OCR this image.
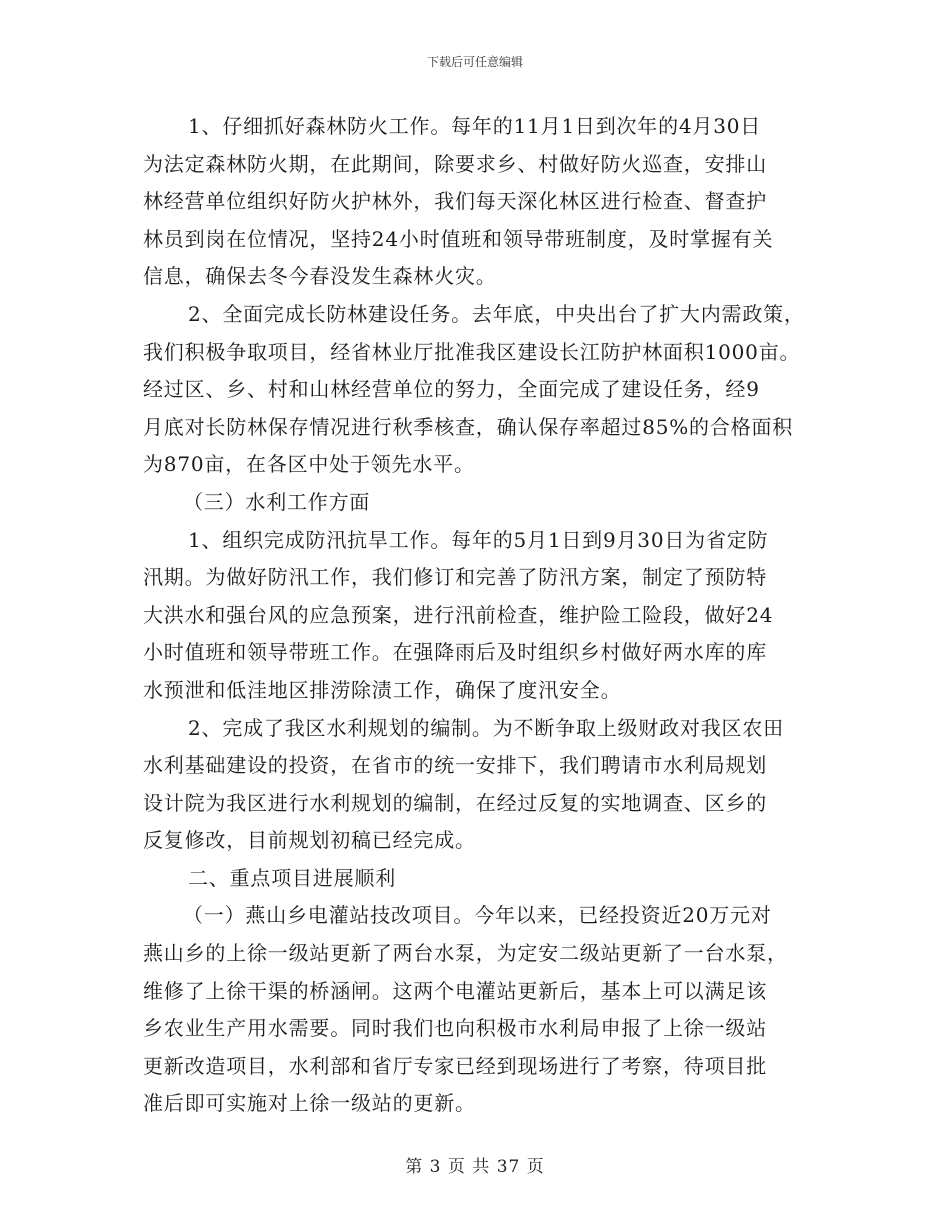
下载后可任意编辑
1、仔细抓好森林防火工作。每年的11月1日到次年的4月30日
为法定森林防火期，在此期间，除要求乡、村做好防火巡查，安排山
林经营单位组织好防火护林外，我们每天深化林区进行检查、督查护
林员到岗在位情况，坚持24小时值班和领导带班制度，及时掌握有关
信息，确保去冬今春没发生森林火灾。
2、全面完成长防林建设任务。去年底，中央出台了扩大内需政策，
我们积极争取项目，经省林业厅批准我区建设长江防护林面积1000亩。
经过区、乡、村和山林经营单位的努力，全面完成了建设任务，经9
月底对长防林保存情况进行秋季核查，确认保存率超过85%的合格面积
为870亩，在各区中处于领先水平。
（三）水利工作方面
1、组织完成防汛抗旱工作。每年的5月1日到9月30日为省定防
汛期。为做好防汛工作，我们修订和完善了防汛方案，制定了预防特
大洪水和强台风的应急预案，进行汛前检查，维护险工险段，做好24
小时值班和领导带班工作。在强降雨后及时组织乡村做好两水库的库
水预泄和低洼地区排涝除渍工作，确保了度汛安全。
2、完成了我区水利规划的编制。为不断争取上级财政对我区农田
水利基础建设的投资，在省市的统一安排下，我们聘请市水利局规划
设计院为我区进行水利规划的编制，在经过反复的实地调查、区乡的
反复修改，目前规划初稿已经完成。
二、重点项目进展顺利
（一）燕山乡电灌站技改项目。今年以来，已经投资近20万元对
燕山乡的上徐一级站更新了两台水泵，为定安二级站更新了一台水泵，
维修了上徐干渠的桥涵闸。这两个电灌站更新后，基本上可以满足该
乡农业生产用水需要。同时我们也向积极市水利局申报了上徐一级站
更新改造项目，水利部和省厅专家已经到现场进行了考察，待项目批
准后即可实施对上徐一级站的更新。
第 3 页 共 37 页
